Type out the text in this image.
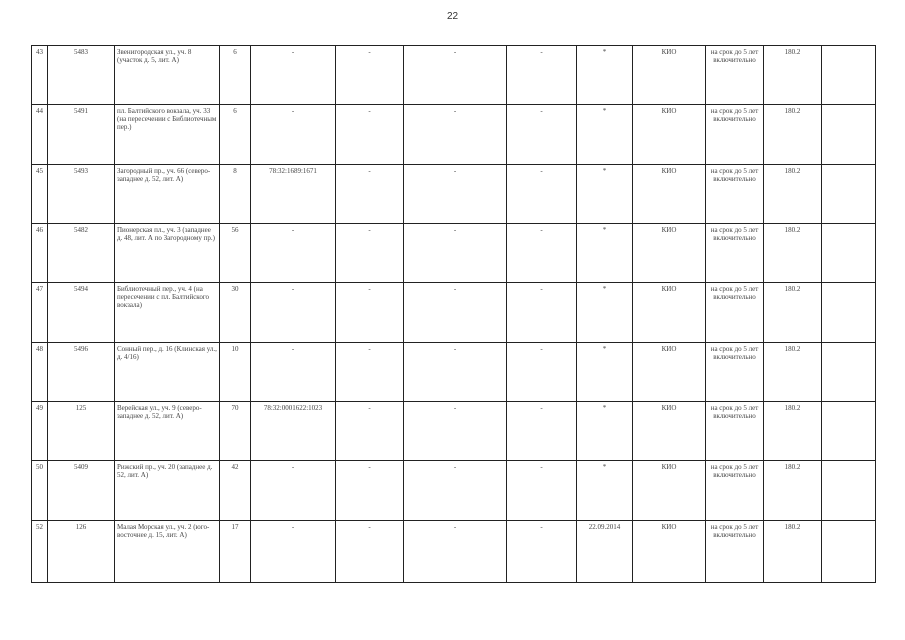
22
43	5483	Звенигородская ул., уч. 8 (участок д. 5, лит. А)	6	-	-	-	-	*	КИО	на срок до 5 лет включительно	180.2	
44	5491	пл. Балтийского вокзала, уч. 33 (на пересечении с Библиотечным пер.)	6	-	-	-	-	*	КИО	на срок до 5 лет включительно	180.2	
45	5493	Загородный пр., уч. 66 (северо-западнее д. 52, лит. А)	8	78:32:1689:1671	-	-	-	*	КИО	на срок до 5 лет включительно	180.2	
46	5482	Пионерская пл., уч. 3 (западнее д. 48, лит. А по Загородному пр.)	56	-	-	-	-	*	КИО	на срок до 5 лет включительно	180.2	
47	5494	Библиотечный пер., уч. 4 (на пересечении с пл. Балтийского вокзала)	30	-	-	-	-	*	КИО	на срок до 5 лет включительно	180.2	
48	5496	Сонный пер., д. 16 (Клинская ул., д. 4/16)	10	-	-	-	-	*	КИО	на срок до 5 лет включительно	180.2	
49	125	Верейская ул., уч. 9 (северо-западнее д. 52, лит. А)	70	78:32:0001622:1023	-	-	-	*	КИО	на срок до 5 лет включительно	180.2	
50	5409	Рижский пр., уч. 20 (западнее д. 52, лит. А)	42	-	-	-	-	*	КИО	на срок до 5 лет включительно	180.2	
52	126	Малая Морская ул., уч. 2 (юго-восточнее д. 15, лит. А)	17	-	-	-	-	22.09.2014	КИО	на срок до 5 лет включительно	180.2	
